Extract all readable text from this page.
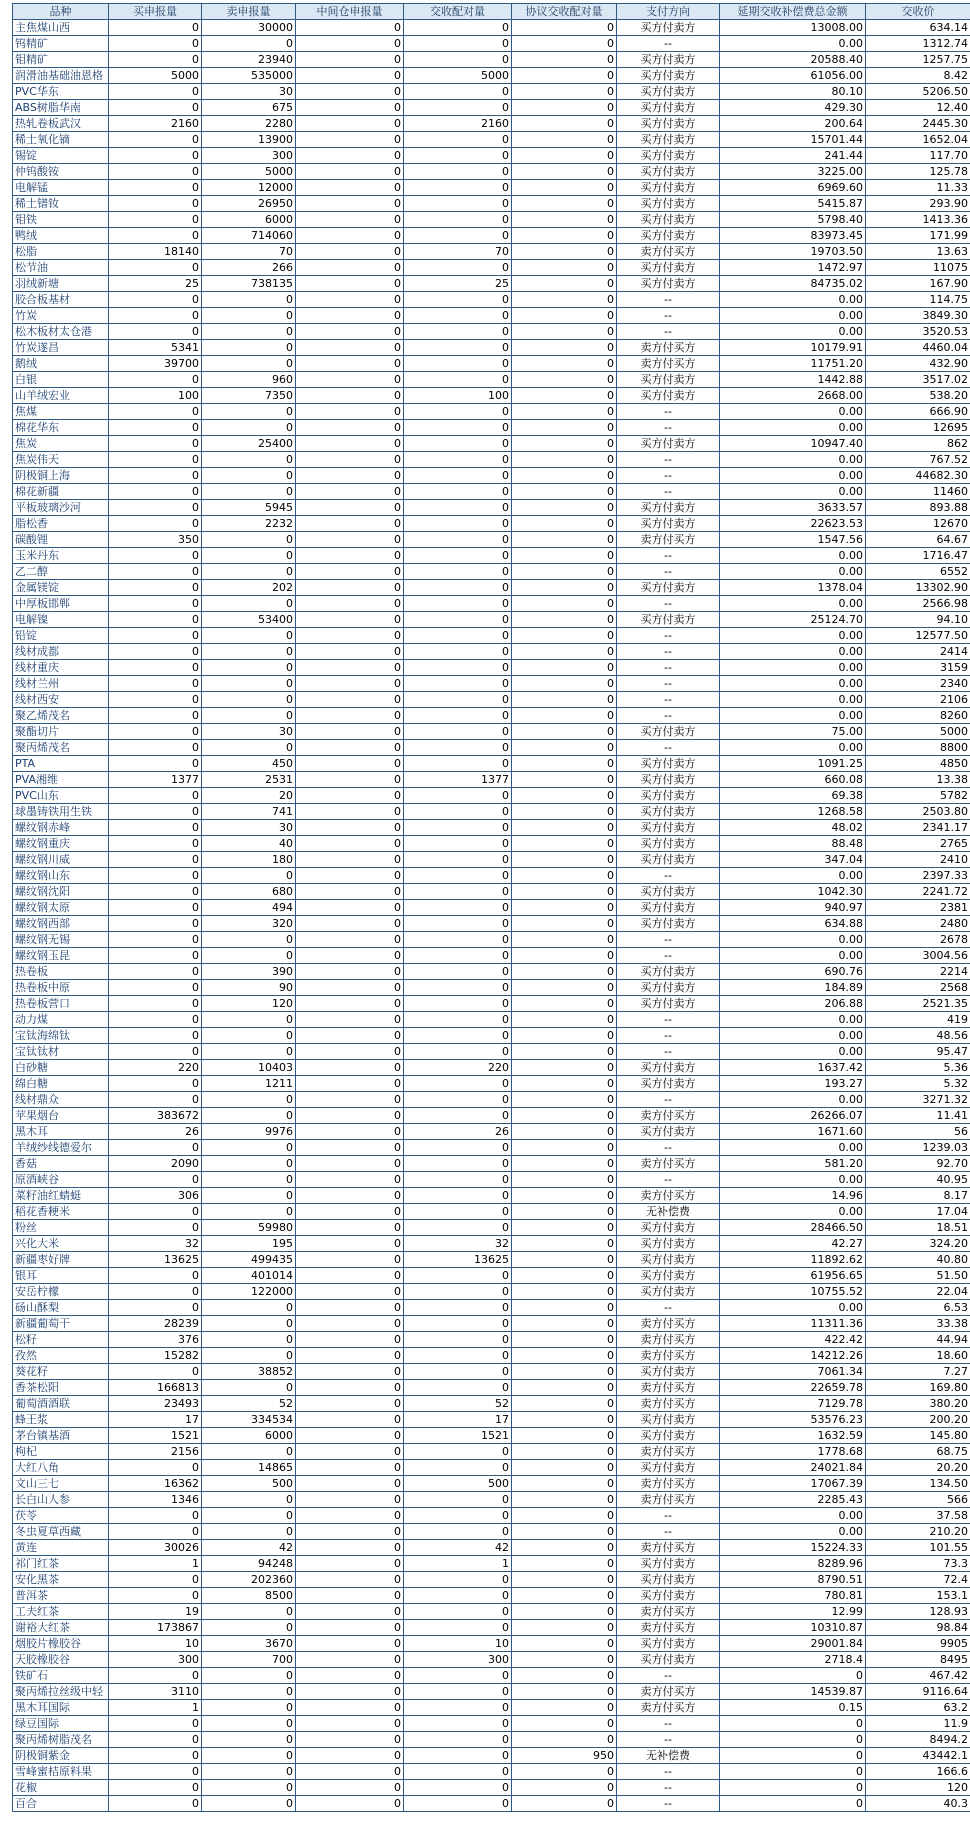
品种	买申报量	卖申报量	中间仓申报量	交收配对量	协议交收配对量	支付方向	延期交收补偿费总金额	交收价
主焦煤山西	0	30000	0	0	0	买方付卖方	13008.00	634.14
钨精矿	0	0	0	0	0	--	0.00	1312.74
钼精矿	0	23940	0	0	0	买方付卖方	20588.40	1257.75
润滑油基础油恩格	5000	535000	0	5000	0	买方付卖方	61056.00	8.42
PVC华东	0	30	0	0	0	买方付卖方	80.10	5206.50
ABS树脂华南	0	675	0	0	0	买方付卖方	429.30	12.40
热轧卷板武汉	2160	2280	0	2160	0	买方付卖方	200.64	2445.30
稀土氧化镝	0	13900	0	0	0	买方付卖方	15701.44	1652.04
锡锭	0	300	0	0	0	买方付卖方	241.44	117.70
仲钨酸铵	0	5000	0	0	0	买方付卖方	3225.00	125.78
电解锰	0	12000	0	0	0	买方付卖方	6969.60	11.33
稀土镨钕	0	26950	0	0	0	买方付卖方	5415.87	293.90
钼铁	0	6000	0	0	0	买方付卖方	5798.40	1413.36
鸭绒	0	714060	0	0	0	买方付卖方	83973.45	171.99
松脂	18140	70	0	70	0	卖方付买方	19703.50	13.63
松节油	0	266	0	0	0	买方付卖方	1472.97	11075
羽绒新塘	25	738135	0	25	0	买方付卖方	84735.02	167.90
胶合板基材	0	0	0	0	0	--	0.00	114.75
竹炭	0	0	0	0	0	--	0.00	3849.30
松木板材太仓港	0	0	0	0	0	--	0.00	3520.53
竹炭遂昌	5341	0	0	0	0	卖方付买方	10179.91	4460.04
鹅绒	39700	0	0	0	0	卖方付买方	11751.20	432.90
白银	0	960	0	0	0	买方付卖方	1442.88	3517.02
山羊绒宏业	100	7350	0	100	0	买方付卖方	2668.00	538.20
焦煤	0	0	0	0	0	--	0.00	666.90
棉花华东	0	0	0	0	0	--	0.00	12695
焦炭	0	25400	0	0	0	买方付卖方	10947.40	862
焦炭伟天	0	0	0	0	0	--	0.00	767.52
阴极铜上海	0	0	0	0	0	--	0.00	44682.30
棉花新疆	0	0	0	0	0	--	0.00	11460
平板玻璃沙河	0	5945	0	0	0	买方付卖方	3633.57	893.88
脂松香	0	2232	0	0	0	买方付卖方	22623.53	12670
碳酸锂	350	0	0	0	0	卖方付买方	1547.56	64.67
玉米丹东	0	0	0	0	0	--	0.00	1716.47
乙二醇	0	0	0	0	0	--	0.00	6552
金属镁锭	0	202	0	0	0	买方付卖方	1378.04	13302.90
中厚板邯郸	0	0	0	0	0	--	0.00	2566.98
电解镍	0	53400	0	0	0	买方付卖方	25124.70	94.10
铅锭	0	0	0	0	0	--	0.00	12577.50
线材成都	0	0	0	0	0	--	0.00	2414
线材重庆	0	0	0	0	0	--	0.00	3159
线材兰州	0	0	0	0	0	--	0.00	2340
线材西安	0	0	0	0	0	--	0.00	2106
聚乙烯茂名	0	0	0	0	0	--	0.00	8260
聚酯切片	0	30	0	0	0	买方付卖方	75.00	5000
聚丙烯茂名	0	0	0	0	0	--	0.00	8800
PTA	0	450	0	0	0	买方付卖方	1091.25	4850
PVA湘维	1377	2531	0	1377	0	买方付卖方	660.08	13.38
PVC山东	0	20	0	0	0	买方付卖方	69.38	5782
球墨铸铁用生铁	0	741	0	0	0	买方付卖方	1268.58	2503.80
螺纹钢赤峰	0	30	0	0	0	买方付卖方	48.02	2341.17
螺纹钢重庆	0	40	0	0	0	买方付卖方	88.48	2765
螺纹钢川威	0	180	0	0	0	买方付卖方	347.04	2410
螺纹钢山东	0	0	0	0	0	--	0.00	2397.33
螺纹钢沈阳	0	680	0	0	0	买方付卖方	1042.30	2241.72
螺纹钢太原	0	494	0	0	0	买方付卖方	940.97	2381
螺纹钢西部	0	320	0	0	0	买方付卖方	634.88	2480
螺纹钢无锡	0	0	0	0	0	--	0.00	2678
螺纹钢玉昆	0	0	0	0	0	--	0.00	3004.56
热卷板	0	390	0	0	0	买方付卖方	690.76	2214
热卷板中原	0	90	0	0	0	买方付卖方	184.89	2568
热卷板营口	0	120	0	0	0	买方付卖方	206.88	2521.35
动力煤	0	0	0	0	0	--	0.00	419
宝钛海绵钛	0	0	0	0	0	--	0.00	48.56
宝钛钛材	0	0	0	0	0	--	0.00	95.47
白砂糖	220	10403	0	220	0	买方付卖方	1637.42	5.36
绵白糖	0	1211	0	0	0	买方付卖方	193.27	5.32
线材鼎众	0	0	0	0	0	--	0.00	3271.32
苹果烟台	383672	0	0	0	0	卖方付买方	26266.07	11.41
黑木耳	26	9976	0	26	0	买方付卖方	1671.60	56
羊绒纱线德爱尔	0	0	0	0	0	--	0.00	1239.03
香菇	2090	0	0	0	0	卖方付买方	581.20	92.70
原酒峡谷	0	0	0	0	0	--	0.00	40.95
菜籽油红蜻蜓	306	0	0	0	0	卖方付买方	14.96	8.17
稻花香粳米	0	0	0	0	0	无补偿费	0.00	17.04
粉丝	0	59980	0	0	0	买方付卖方	28466.50	18.51
兴化大米	32	195	0	32	0	买方付卖方	42.27	324.20
新疆枣好牌	13625	499435	0	13625	0	买方付卖方	11892.62	40.80
银耳	0	401014	0	0	0	买方付卖方	61956.65	51.50
安岳柠檬	0	122000	0	0	0	买方付卖方	10755.52	22.04
砀山酥梨	0	0	0	0	0	--	0.00	6.53
新疆葡萄干	28239	0	0	0	0	卖方付买方	11311.36	33.38
松籽	376	0	0	0	0	卖方付买方	422.42	44.94
孜然	15282	0	0	0	0	卖方付买方	14212.26	18.60
葵花籽	0	38852	0	0	0	买方付卖方	7061.34	7.27
香茶松阳	166813	0	0	0	0	卖方付买方	22659.78	169.80
葡萄酒酒联	23493	52	0	52	0	卖方付买方	7129.78	380.20
蜂王浆	17	334534	0	17	0	买方付卖方	53576.23	200.20
茅台镇基酒	1521	6000	0	1521	0	买方付卖方	1632.59	145.80
枸杞	2156	0	0	0	0	卖方付买方	1778.68	68.75
大红八角	0	14865	0	0	0	买方付卖方	24021.84	20.20
文山三七	16362	500	0	500	0	卖方付买方	17067.39	134.50
长白山人参	1346	0	0	0	0	卖方付买方	2285.43	566
茯苓	0	0	0	0	0	--	0.00	37.58
冬虫夏草西藏	0	0	0	0	0	--	0.00	210.20
黄连	30026	42	0	42	0	卖方付买方	15224.33	101.55
祁门红茶	1	94248	0	1	0	买方付卖方	8289.96	73.3
安化黑茶	0	202360	0	0	0	买方付卖方	8790.51	72.4
普洱茶	0	8500	0	0	0	买方付卖方	780.81	153.1
工夫红茶	19	0	0	0	0	卖方付买方	12.99	128.93
谢裕大红茶	173867	0	0	0	0	卖方付买方	10310.87	98.84
烟胶片橡胶谷	10	3670	0	10	0	买方付卖方	29001.84	9905
天胶橡胶谷	300	700	0	300	0	买方付卖方	2718.4	8495
铁矿石	0	0	0	0	0	--	0	467.42
聚丙烯拉丝级中轻	3110	0	0	0	0	卖方付买方	14539.87	9116.64
黑木耳国际	1	0	0	0	0	卖方付买方	0.15	63.2
绿豆国际	0	0	0	0	0	--	0	11.9
聚丙烯树脂茂名	0	0	0	0	0	--	0	8494.2
阴极铜紫金	0	0	0	0	950	无补偿费	0	43442.1
雪峰蜜桔原料果	0	0	0	0	0	--	0	166.6
花椒	0	0	0	0	0	--	0	120
百合	0	0	0	0	0	--	0	40.3
